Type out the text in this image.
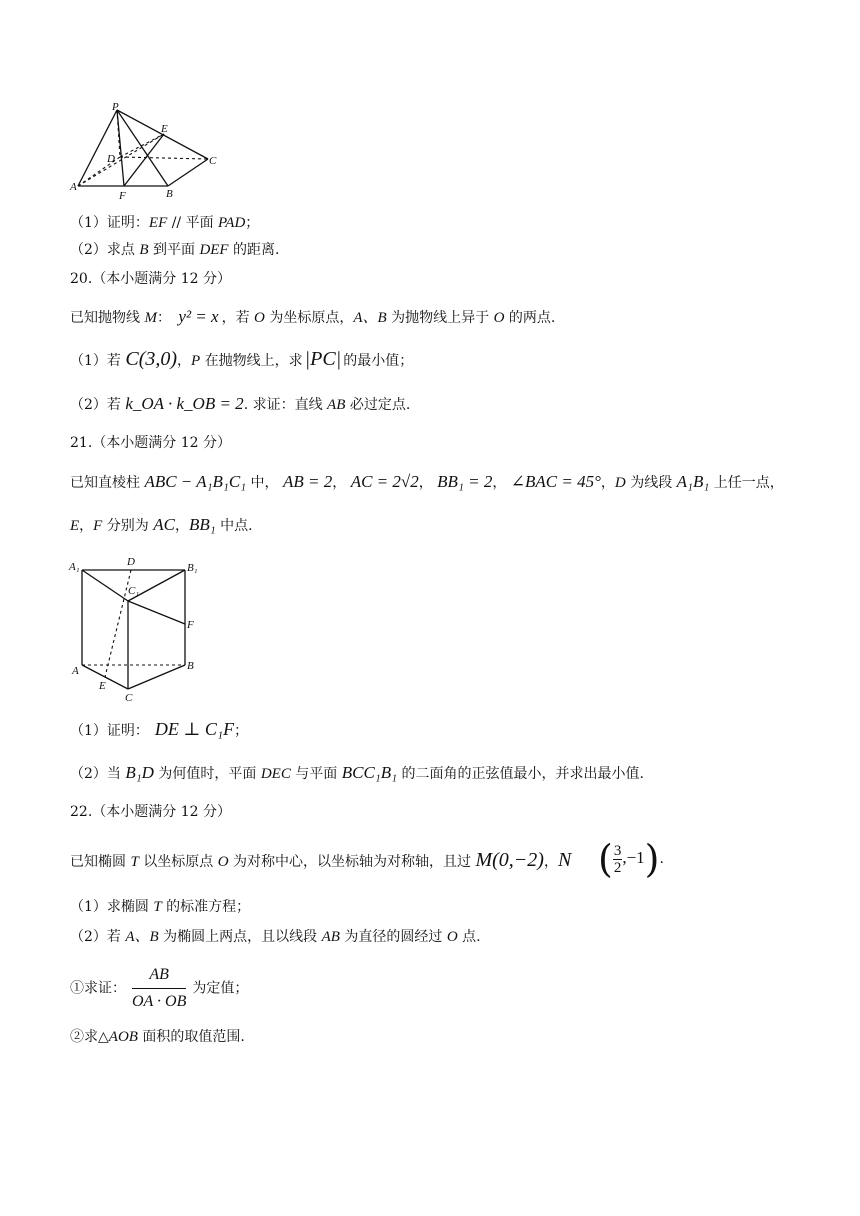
P
E
D	C
A
F	B
（1）证明：EF // 平面 PAD；
（2）求点 B 到平面 DEF 的距离.
20.（本小题满分 12 分）
已知抛物线 M： y² = x ，若 O 为坐标原点，A、B 为抛物线上异于 O 的两点.
（1）若 C(3,0)，P 在抛物线上，求 |PC| 的最小值；
（2）若 k_OA · k_OB = 2. 求证：直线 AB 必过定点.
21.（本小题满分 12 分）
已知直棱柱 ABC − A₁B₁C₁ 中， AB = 2， AC = 2√2， BB₁ = 2， ∠BAC = 45°，D 为线段 A₁B₁ 上任一点，
E，F 分别为 AC，BB₁ 中点.
A₁	D	B₁
C₁
F
A	B
E
C
（1）证明： DE ⊥ C₁F；
（2）当 B₁D 为何值时，平面 DEC 与平面 BCC₁B₁ 的二面角的正弦值最小，并求出最小值.
22.（本小题满分 12 分）
已知椭圆 T 以坐标原点 O 为对称中心，以坐标轴为对称轴，且过 M(0,−2)，N ( $\frac{3}{2} ,-1$).
（1）求椭圆 T 的标准方程；
（2）若 A、B 为椭圆上两点，且以线段 AB 为直径的圆经过 O 点.
①求证： $\frac{AB}{OA \cdot OB}$ 为定值；
②求△AOB 面积的取值范围.
